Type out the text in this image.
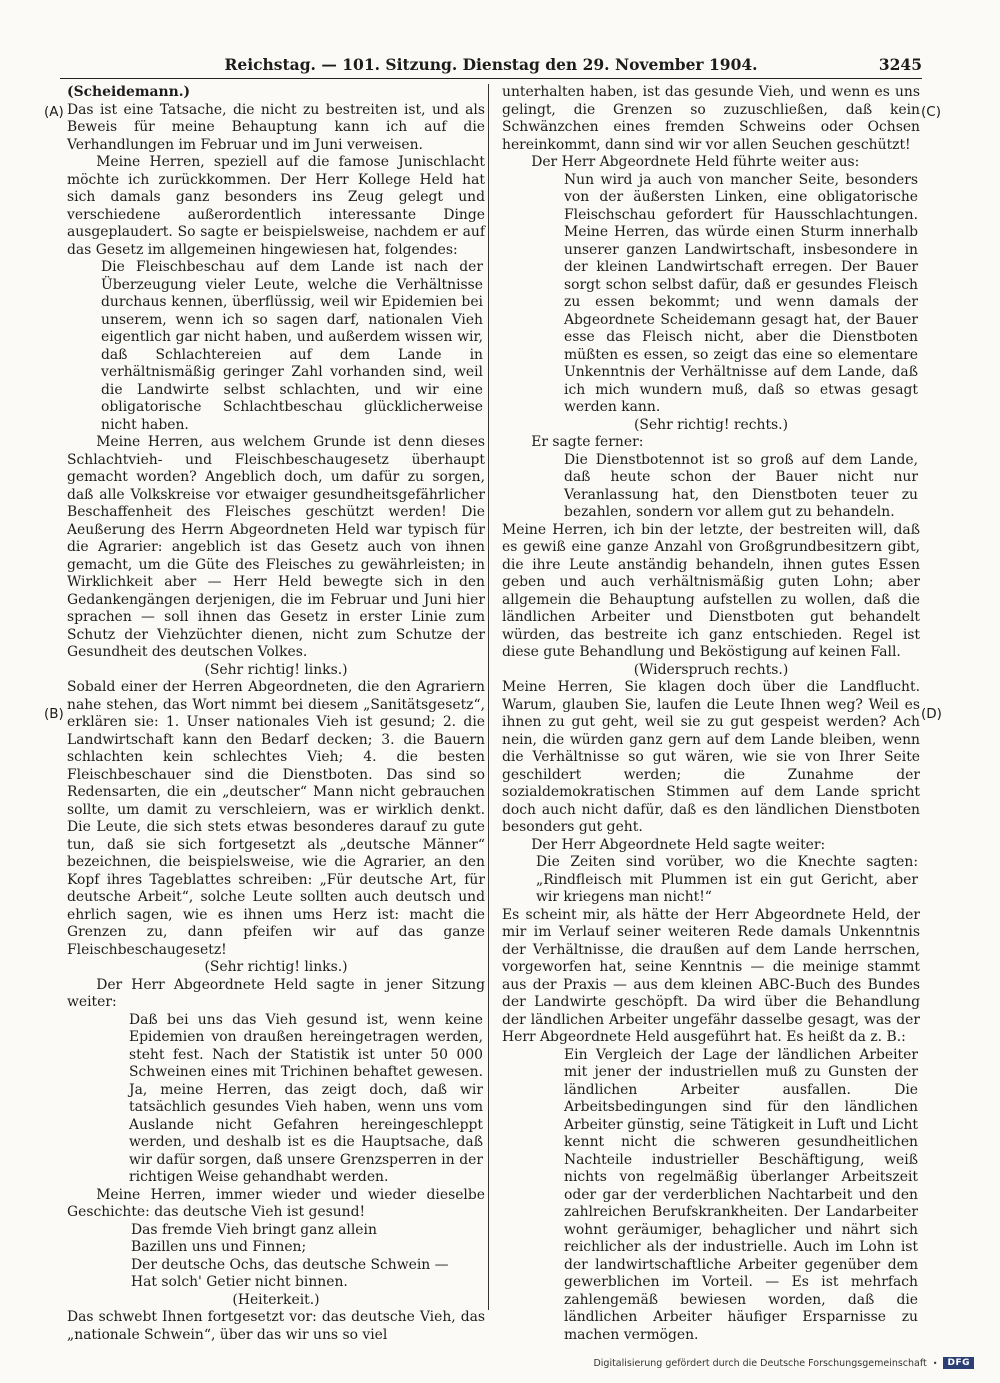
Reichstag. — 101. Sitzung. Dienstag den 29. November 1904.	3245

(Scheidemann.)

Das ist eine Tatsache, die nicht zu bestreiten ist, und als Beweis für meine Behauptung kann ich auf die Verhandlungen im Februar und im Juni verweisen.

Meine Herren, speziell auf die famose Junischlacht möchte ich zurückkommen. Der Herr Kollege Held hat sich damals ganz besonders ins Zeug gelegt und verschiedene außerordentlich interessante Dinge ausgeplaudert. So sagte er beispielsweise, nachdem er auf das Gesetz im allgemeinen hingewiesen hat, folgendes:

Die Fleischbeschau auf dem Lande ist nach der Überzeugung vieler Leute, welche die Verhältnisse durchaus kennen, überflüssig, weil wir Epidemien bei unserem, wenn ich so sagen darf, nationalen Vieh eigentlich gar nicht haben, und außerdem wissen wir, daß Schlachtereien auf dem Lande in verhältnismäßig geringer Zahl vorhanden sind, weil die Landwirte selbst schlachten, und wir eine obligatorische Schlachtbeschau glücklicherweise nicht haben.

Meine Herren, aus welchem Grunde ist denn dieses Schlachtvieh- und Fleischbeschaugesetz überhaupt gemacht worden? Angeblich doch, um dafür zu sorgen, daß alle Volkskreise vor etwaiger gesundheitsgefährlicher Beschaffenheit des Fleisches geschützt werden! Die Aeußerung des Herrn Abgeordneten Held war typisch für die Agrarier: angeblich ist das Gesetz auch von ihnen gemacht, um die Güte des Fleisches zu gewährleisten; in Wirklichkeit aber — Herr Held bewegte sich in den Gedankengängen derjenigen, die im Februar und Juni hier sprachen — soll ihnen das Gesetz in erster Linie zum Schutz der Viehzüchter dienen, nicht zum Schutze der Gesundheit des deutschen Volkes.

(Sehr richtig! links.)

Sobald einer der Herren Abgeordneten, die den Agrariern nahe stehen, das Wort nimmt bei diesem „Sanitätsgesetz“, erklären sie: 1. Unser nationales Vieh ist gesund; 2. die Landwirtschaft kann den Bedarf decken; 3. die Bauern schlachten kein schlechtes Vieh; 4. die besten Fleischbeschauer sind die Dienstboten. Das sind so Redensarten, die ein „deutscher“ Mann nicht gebrauchen sollte, um damit zu verschleiern, was er wirklich denkt. Die Leute, die sich stets etwas besonderes darauf zu gute tun, daß sie sich fortgesetzt als „deutsche Männer“ bezeichnen, die beispielsweise, wie die Agrarier, an den Kopf ihres Tageblattes schreiben: „Für deutsche Art, für deutsche Arbeit“, solche Leute sollten auch deutsch und ehrlich sagen, wie es ihnen ums Herz ist: macht die Grenzen zu, dann pfeifen wir auf das ganze Fleischbeschaugesetz!

(Sehr richtig! links.)

Der Herr Abgeordnete Held sagte in jener Sitzung weiter:

Daß bei uns das Vieh gesund ist, wenn keine Epidemien von draußen hereingetragen werden, steht fest. Nach der Statistik ist unter 50 000 Schweinen eines mit Trichinen behaftet gewesen. Ja, meine Herren, das zeigt doch, daß wir tatsächlich gesundes Vieh haben, wenn uns vom Auslande nicht Gefahren hereingeschleppt werden, und deshalb ist es die Hauptsache, daß wir dafür sorgen, daß unsere Grenzsperren in der richtigen Weise gehandhabt werden.

Meine Herren, immer wieder und wieder dieselbe Geschichte: das deutsche Vieh ist gesund!

Das fremde Vieh bringt ganz allein

Bazillen uns und Finnen;

Der deutsche Ochs, das deutsche Schwein —

Hat solch' Getier nicht binnen.

(Heiterkeit.)

Das schwebt Ihnen fortgesetzt vor: das deutsche Vieh, das „nationale Schwein“, über das wir uns so viel

unterhalten haben, ist das gesunde Vieh, und wenn es uns gelingt, die Grenzen so zuzuschließen, daß kein Schwänzchen eines fremden Schweins oder Ochsen hereinkommt, dann sind wir vor allen Seuchen geschützt!

Der Herr Abgeordnete Held führte weiter aus:

Nun wird ja auch von mancher Seite, besonders von der äußersten Linken, eine obligatorische Fleischschau gefordert für Hausschlachtungen. Meine Herren, das würde einen Sturm innerhalb unserer ganzen Landwirtschaft, insbesondere in der kleinen Landwirtschaft erregen. Der Bauer sorgt schon selbst dafür, daß er gesundes Fleisch zu essen bekommt; und wenn damals der Abgeordnete Scheidemann gesagt hat, der Bauer esse das Fleisch nicht, aber die Dienstboten müßten es essen, so zeigt das eine so elementare Unkenntnis der Verhältnisse auf dem Lande, daß ich mich wundern muß, daß so etwas gesagt werden kann.

(Sehr richtig! rechts.)

Er sagte ferner:

Die Dienstbotennot ist so groß auf dem Lande, daß heute schon der Bauer nicht nur Veranlassung hat, den Dienstboten teuer zu bezahlen, sondern vor allem gut zu behandeln.

Meine Herren, ich bin der letzte, der bestreiten will, daß es gewiß eine ganze Anzahl von Großgrundbesitzern gibt, die ihre Leute anständig behandeln, ihnen gutes Essen geben und auch verhältnismäßig guten Lohn; aber allgemein die Behauptung aufstellen zu wollen, daß die ländlichen Arbeiter und Dienstboten gut behandelt würden, das bestreite ich ganz entschieden. Regel ist diese gute Behandlung und Beköstigung auf keinen Fall.

(Widerspruch rechts.)

Meine Herren, Sie klagen doch über die Landflucht. Warum, glauben Sie, laufen die Leute Ihnen weg? Weil es ihnen zu gut geht, weil sie zu gut gespeist werden? Ach nein, die würden ganz gern auf dem Lande bleiben, wenn die Verhältnisse so gut wären, wie sie von Ihrer Seite geschildert werden; die Zunahme der sozialdemokratischen Stimmen auf dem Lande spricht doch auch nicht dafür, daß es den ländlichen Dienstboten besonders gut geht.

Der Herr Abgeordnete Held sagte weiter:

Die Zeiten sind vorüber, wo die Knechte sagten: „Rindfleisch mit Plummen ist ein gut Gericht, aber wir kriegens man nicht!“

Es scheint mir, als hätte der Herr Abgeordnete Held, der mir im Verlauf seiner weiteren Rede damals Unkenntnis der Verhältnisse, die draußen auf dem Lande herrschen, vorgeworfen hat, seine Kenntnis — die meinige stammt aus der Praxis — aus dem kleinen ABC-Buch des Bundes der Landwirte geschöpft. Da wird über die Behandlung der ländlichen Arbeiter ungefähr dasselbe gesagt, was der Herr Abgeordnete Held ausgeführt hat. Es heißt da z. B.:

Ein Vergleich der Lage der ländlichen Arbeiter mit jener der industriellen muß zu Gunsten der ländlichen Arbeiter ausfallen. Die Arbeitsbedingungen sind für den ländlichen Arbeiter günstig, seine Tätigkeit in Luft und Licht kennt nicht die schweren gesundheitlichen Nachteile industrieller Beschäftigung, weiß nichts von regelmäßig überlanger Arbeitszeit oder gar der verderblichen Nachtarbeit und den zahlreichen Berufskrankheiten. Der Landarbeiter wohnt geräumiger, behaglicher und nährt sich reichlicher als der industrielle. Auch im Lohn ist der landwirtschaftliche Arbeiter gegenüber dem gewerblichen im Vorteil. — Es ist mehrfach zahlengemäß bewiesen worden, daß die ländlichen Arbeiter häufiger Ersparnisse zu machen vermögen.

(A)
(B)
(C)
(D)
Digitalisierung gefördert durch die Deutsche Forschungsgemeinschaft •	DFG
